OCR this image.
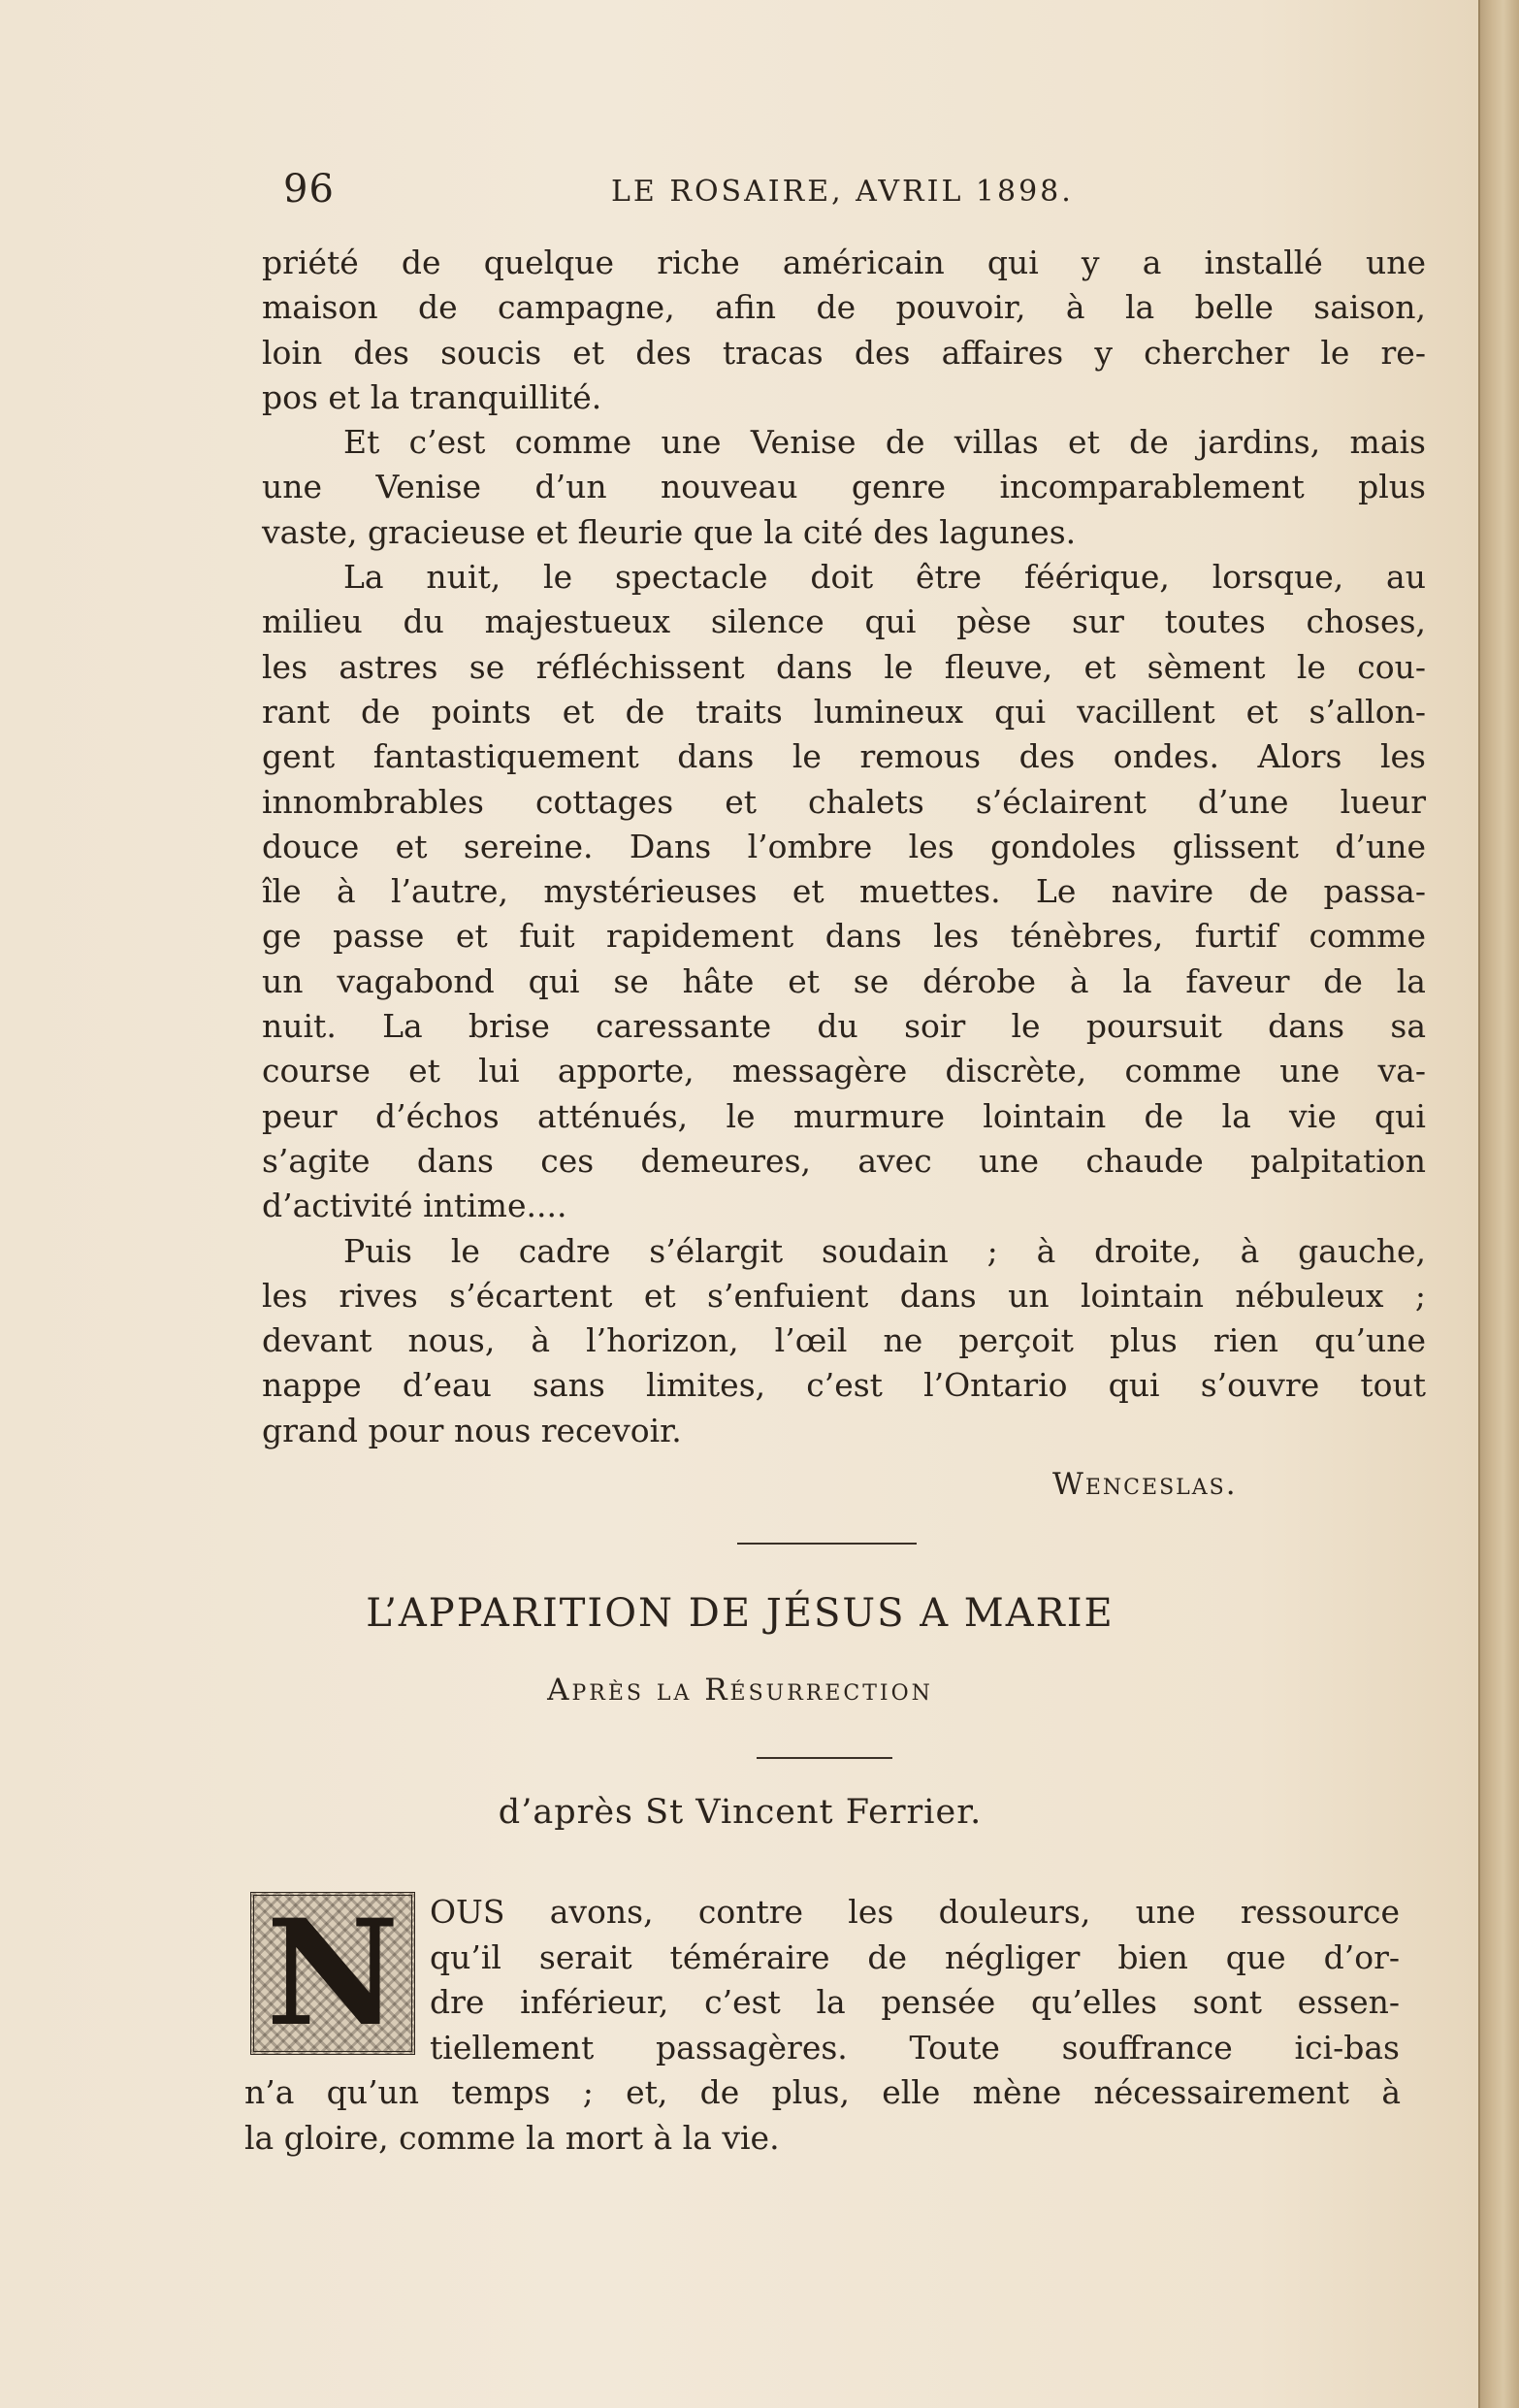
96	LE ROSAIRE, AVRIL 1898.

priété de quelque riche américain qui y a installé une

maison de campagne, afin de pouvoir, à la belle saison,

loin des soucis et des tracas des affaires y chercher le re-

pos et la tranquillité.

Et c’est comme une Venise de villas et de jardins, mais

une Venise d’un nouveau genre incomparablement plus

vaste, gracieuse et fleurie que la cité des lagunes.

La nuit, le spectacle doit être féérique, lorsque, au

milieu du majestueux silence qui pèse sur toutes choses,

les astres se réfléchissent dans le fleuve, et sèment le cou-

rant de points et de traits lumineux qui vacillent et s’allon-

gent fantastiquement dans le remous des ondes. Alors les

innombrables cottages et chalets s’éclairent d’une lueur

douce et sereine. Dans l’ombre les gondoles glissent d’une

île à l’autre, mystérieuses et muettes. Le navire de passa-

ge passe et fuit rapidement dans les ténèbres, furtif comme

un vagabond qui se hâte et se dérobe à la faveur de la

nuit. La brise caressante du soir le poursuit dans sa

course et lui apporte, messagère discrète, comme une va-

peur d’échos atténués, le murmure lointain de la vie qui

s’agite dans ces demeures, avec une chaude palpitation

d’activité intime....

Puis le cadre s’élargit soudain ; à droite, à gauche,

les rives s’écartent et s’enfuient dans un lointain nébuleux ;

devant nous, à l’horizon, l’œil ne perçoit plus rien qu’une

nappe d’eau sans limites, c’est l’Ontario qui s’ouvre tout

grand pour nous recevoir.

Wenceslas.
L’APPARITION DE JÉSUS A MARIE
Après la Résurrection
d’après St Vincent Ferrier.
N OUS avons, contre les douleurs, une ressource

qu’il serait téméraire de négliger bien que d’or-

dre inférieur, c’est la pensée qu’elles sont essen-

tiellement passagères. Toute souffrance ici-bas

n’a qu’un temps ; et, de plus, elle mène nécessairement à

la gloire, comme la mort à la vie.
